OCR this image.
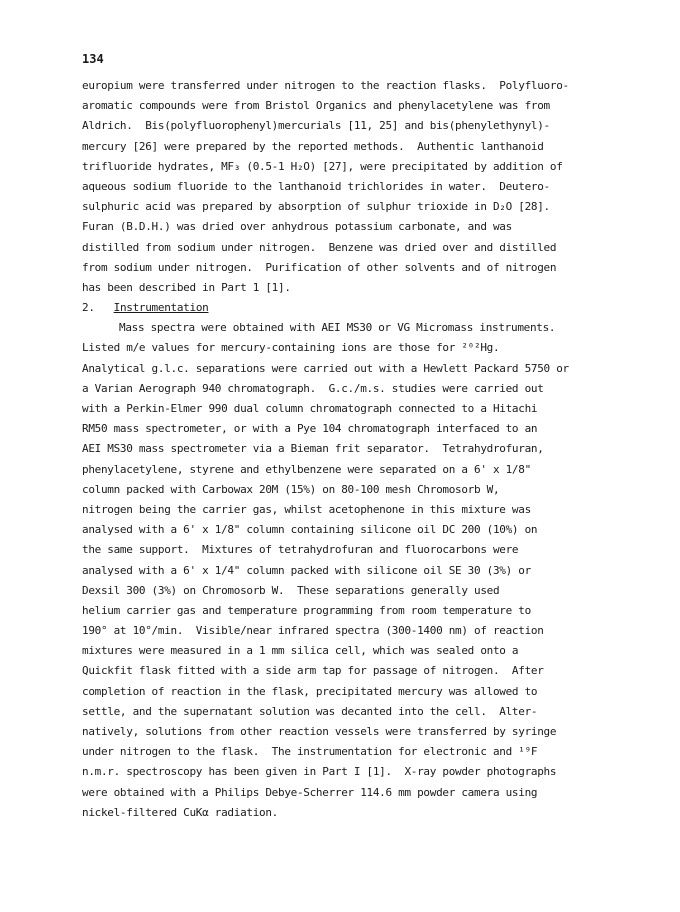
134
europium were transferred under nitrogen to the reaction flasks.  Polyfluoro-
aromatic compounds were from Bristol Organics and phenylacetylene was from
Aldrich.  Bis(polyfluorophenyl)mercurials [11, 25] and bis(phenylethynyl)-
mercury [26] were prepared by the reported methods.  Authentic lanthanoid
trifluoride hydrates, MF₃ (0.5-1 H₂O) [27], were precipitated by addition of
aqueous sodium fluoride to the lanthanoid trichlorides in water.  Deutero-
sulphuric acid was prepared by absorption of sulphur trioxide in D₂O [28].
Furan (B.D.H.) was dried over anhydrous potassium carbonate, and was
distilled from sodium under nitrogen.  Benzene was dried over and distilled
from sodium under nitrogen.  Purification of other solvents and of nitrogen
has been described in Part 1 [1].
2. Instrumentation
Mass spectra were obtained with AEI MS30 or VG Micromass instruments.
Listed m/e values for mercury-containing ions are those for ²⁰²Hg.
Analytical g.l.c. separations were carried out with a Hewlett Packard 5750 or
a Varian Aerograph 940 chromatograph.  G.c./m.s. studies were carried out
with a Perkin-Elmer 990 dual column chromatograph connected to a Hitachi
RM50 mass spectrometer, or with a Pye 104 chromatograph interfaced to an
AEI MS30 mass spectrometer via a Bieman frit separator.  Tetrahydrofuran,
phenylacetylene, styrene and ethylbenzene were separated on a 6' x 1/8"
column packed with Carbowax 20M (15%) on 80-100 mesh Chromosorb W,
nitrogen being the carrier gas, whilst acetophenone in this mixture was
analysed with a 6' x 1/8" column containing silicone oil DC 200 (10%) on
the same support.  Mixtures of tetrahydrofuran and fluorocarbons were
analysed with a 6' x 1/4" column packed with silicone oil SE 30 (3%) or
Dexsil 300 (3%) on Chromosorb W.  These separations generally used
helium carrier gas and temperature programming from room temperature to
190° at 10°/min.  Visible/near infrared spectra (300-1400 nm) of reaction
mixtures were measured in a 1 mm silica cell, which was sealed onto a
Quickfit flask fitted with a side arm tap for passage of nitrogen.  After
completion of reaction in the flask, precipitated mercury was allowed to
settle, and the supernatant solution was decanted into the cell.  Alter-
natively, solutions from other reaction vessels were transferred by syringe
under nitrogen to the flask.  The instrumentation for electronic and ¹⁹F
n.m.r. spectroscopy has been given in Part I [1].  X-ray powder photographs
were obtained with a Philips Debye-Scherrer 114.6 mm powder camera using
nickel-filtered CuKα radiation.
